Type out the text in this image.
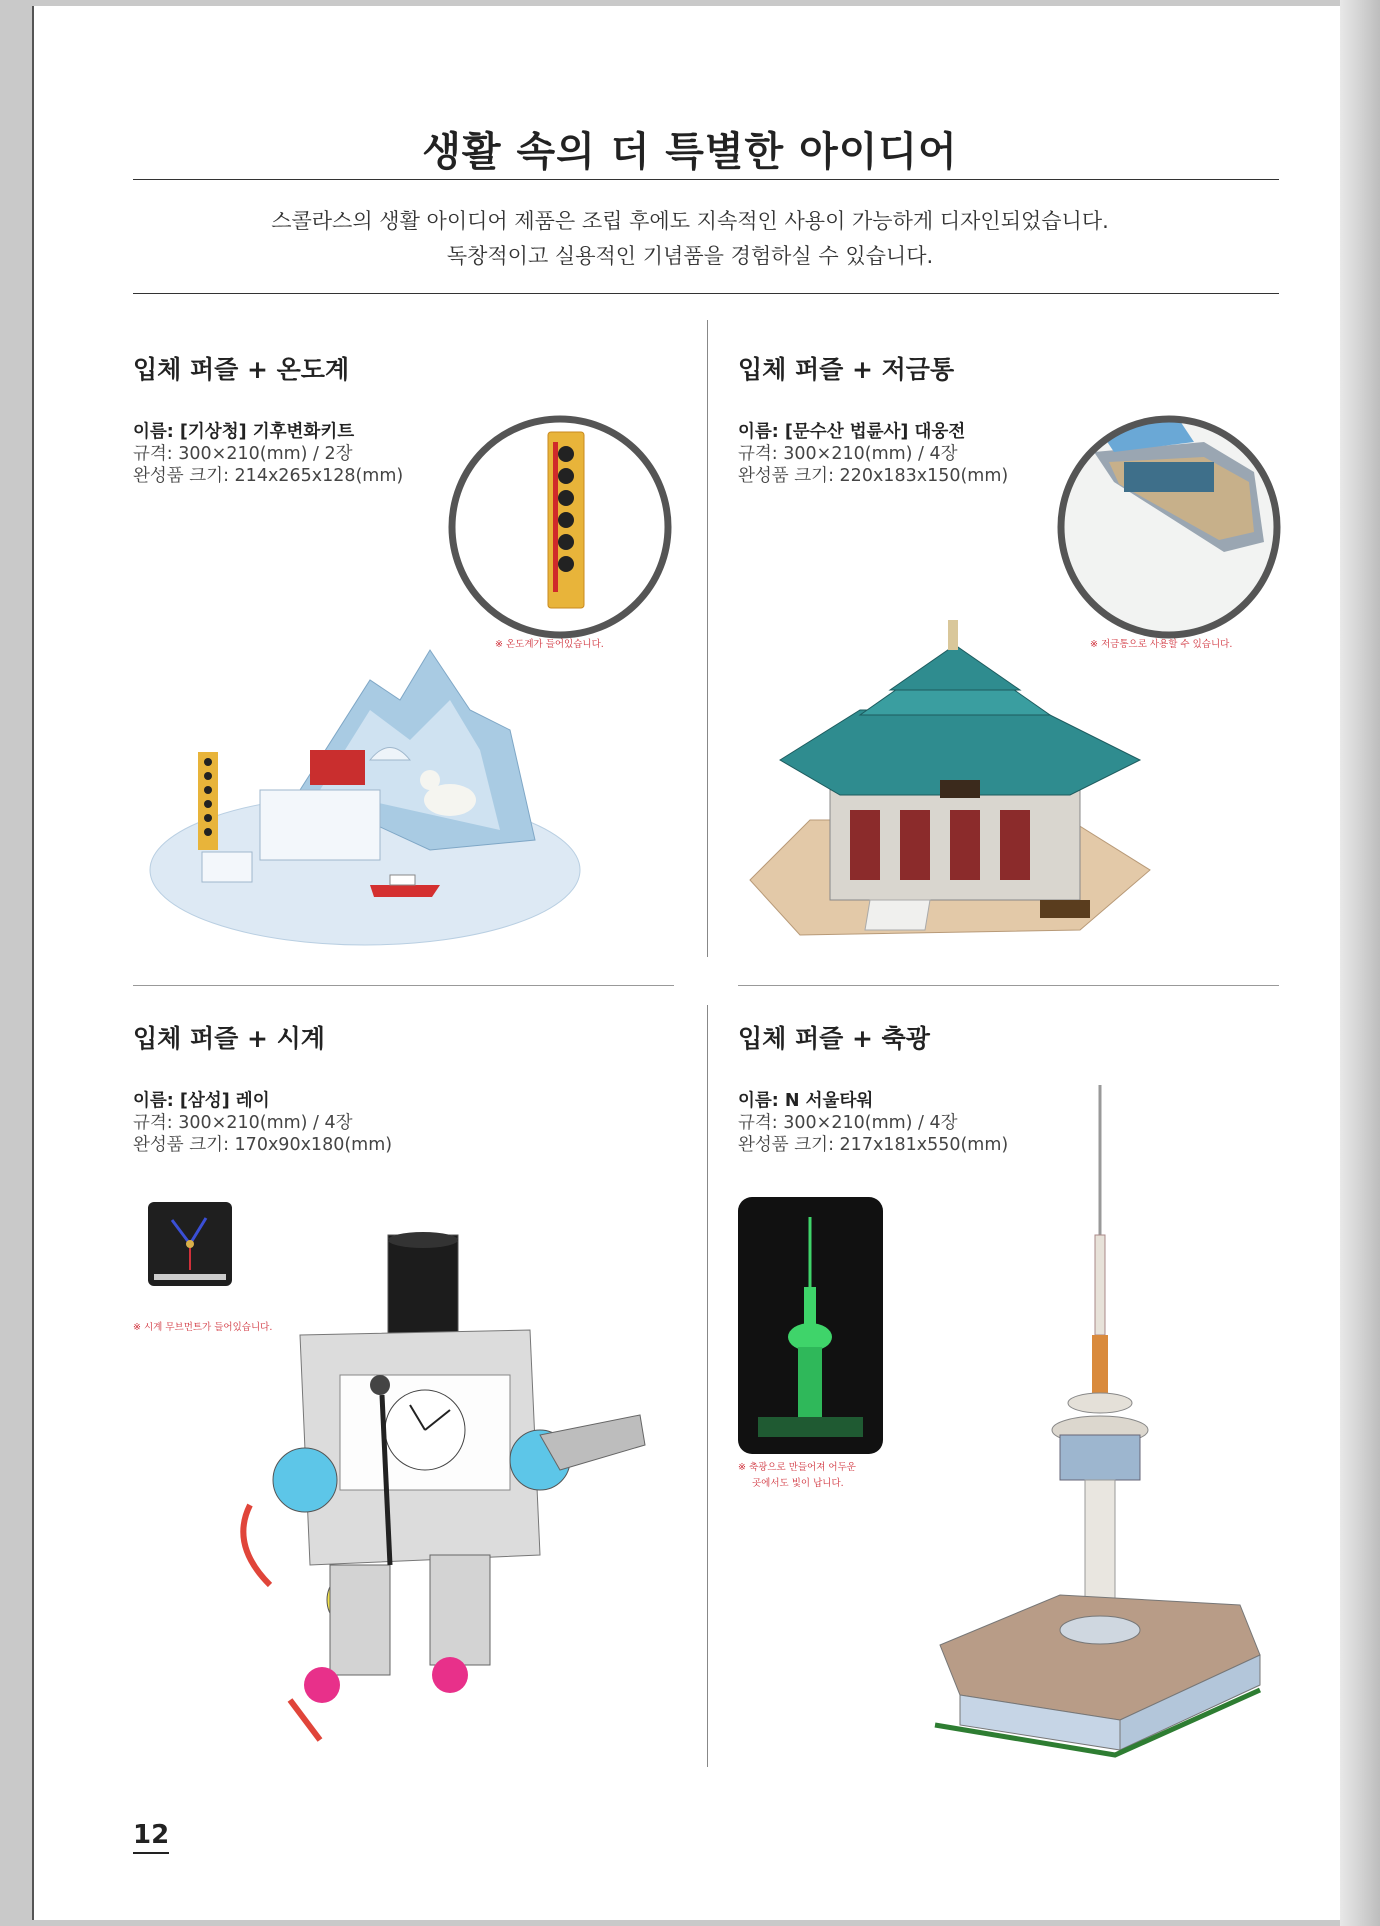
생활 속의 더 특별한 아이디어
스콜라스의 생활 아이디어 제품은 조립 후에도 지속적인 사용이 가능하게 디자인되었습니다.
독창적이고 실용적인 기념품을 경험하실 수 있습니다.
입체 퍼즐 + 온도계
이름: [기상청] 기후변화키트
규격: 300×210(mm) / 2장
완성품 크기: 214x265x128(mm)
※ 온도계가 들어있습니다.
입체 퍼즐 + 저금통
이름: [문수산 법륜사] 대웅전
규격: 300×210(mm) / 4장
완성품 크기: 220x183x150(mm)
※ 저금통으로 사용할 수 있습니다.
입체 퍼즐 + 시계
이름: [삼성] 레이
규격: 300×210(mm) / 4장
완성품 크기: 170x90x180(mm)
※ 시계 무브먼트가 들어있습니다.
입체 퍼즐 + 축광
이름: N 서울타워
규격: 300×210(mm) / 4장
완성품 크기: 217x181x550(mm)
※ 축광으로 만들어져 어두운
곳에서도 빛이 납니다.
12
